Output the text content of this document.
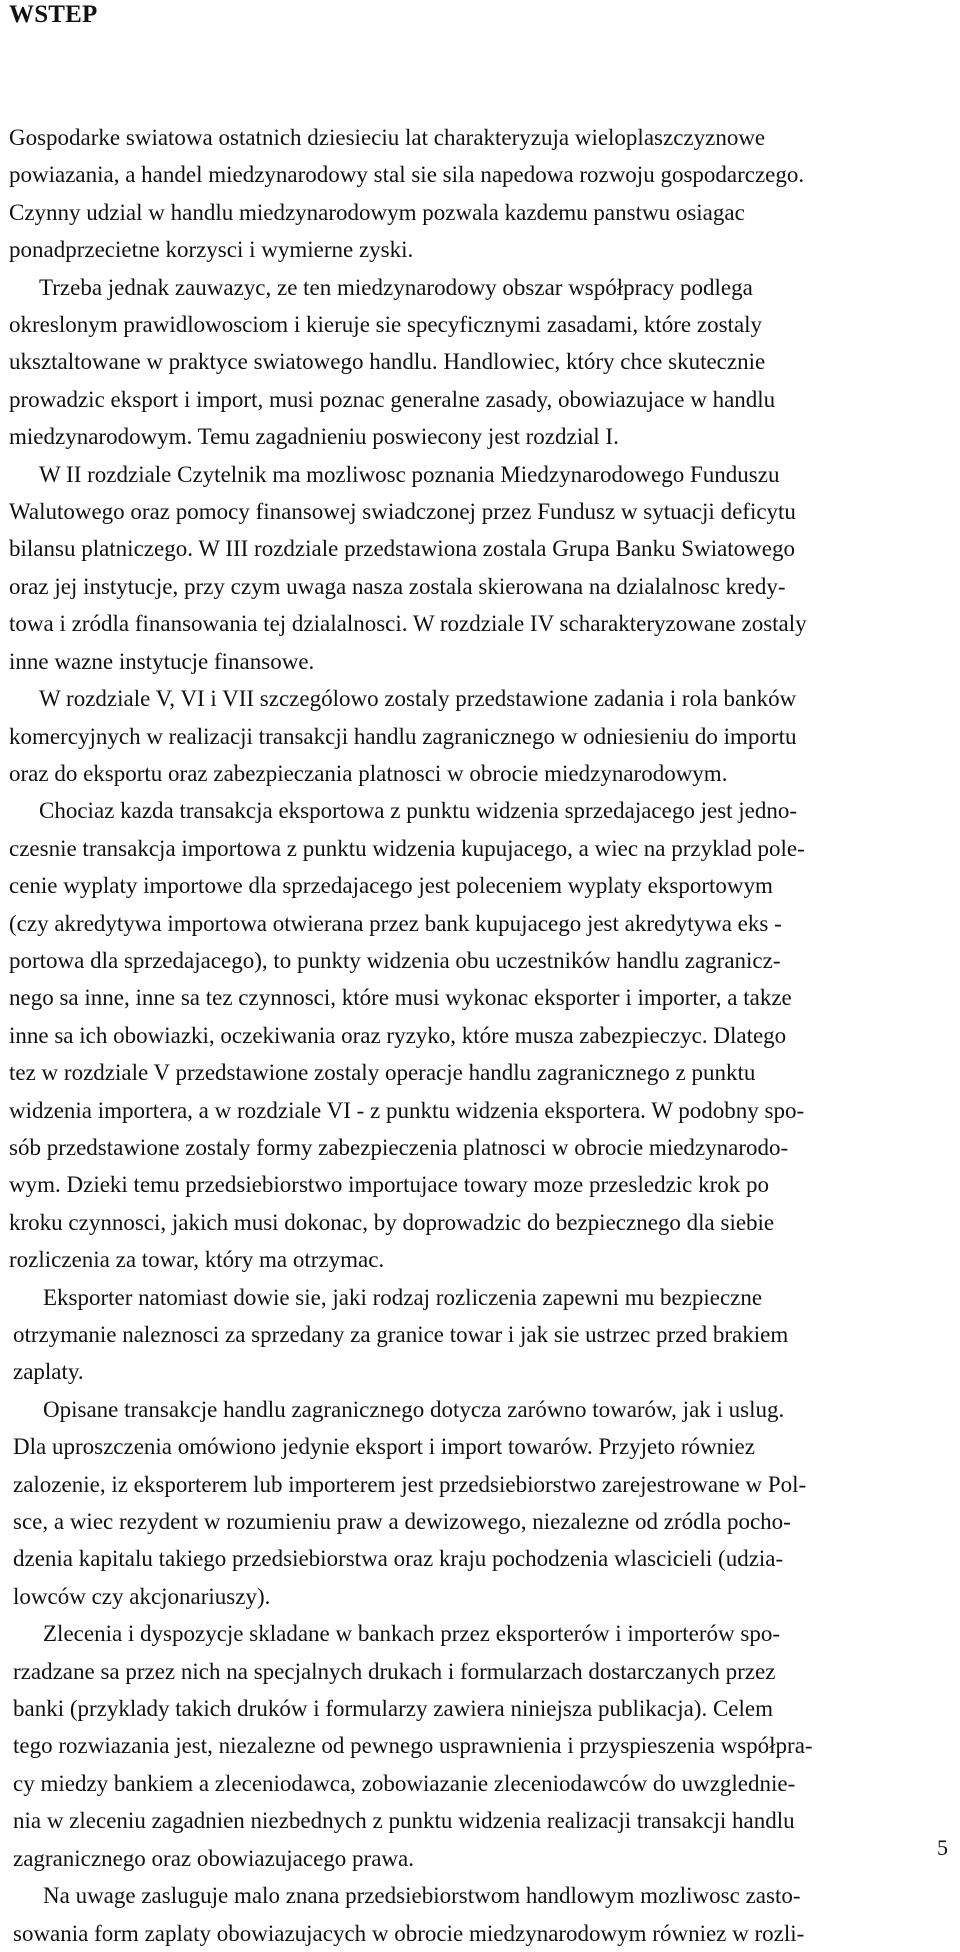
WSTEP

Gospodarke swiatowa ostatnich dziesieciu lat charakteryzuja wieloplaszczyznowe
powiazania, a handel miedzynarodowy stal sie sila napedowa rozwoju gospodarczego.
Czynny udzial w handlu miedzynarodowym pozwala kazdemu panstwu osiagac
ponadprzecietne korzysci i wymierne zyski.

Trzeba jednak zauwazyc, ze ten miedzynarodowy obszar współpracy podlega
okreslonym prawidlowosciom i kieruje sie specyficznymi zasadami, które zostaly
uksztaltowane w praktyce swiatowego handlu. Handlowiec, który chce skutecznie
prowadzic eksport i import, musi poznac generalne zasady, obowiazujace w handlu
miedzynarodowym. Temu zagadnieniu poswiecony jest rozdzial I.

W II rozdziale Czytelnik ma mozliwosc poznania Miedzynarodowego Funduszu
Walutowego oraz pomocy finansowej swiadczonej przez Fundusz w sytuacji deficytu
bilansu platniczego. W III rozdziale przedstawiona zostala Grupa Banku Swiatowego
oraz jej instytucje, przy czym uwaga nasza zostala skierowana na dzialalnosc kredy-
towa i zródla finansowania tej dzialalnosci. W rozdziale IV scharakteryzowane zostaly
inne wazne instytucje finansowe.

W rozdziale V, VI i VII szczególowo zostaly przedstawione zadania i rola banków
komercyjnych w realizacji transakcji handlu zagranicznego w odniesieniu do importu
oraz do eksportu oraz zabezpieczania platnosci w obrocie miedzynarodowym.

Chociaz kazda transakcja eksportowa z punktu widzenia sprzedajacego jest jedno-
czesnie transakcja importowa z punktu widzenia kupujacego, a wiec na przyklad pole-
cenie wyplaty importowe dla sprzedajacego jest poleceniem wyplaty eksportowym
(czy akredytywa importowa otwierana przez bank kupujacego jest akredytywa eks -
portowa dla sprzedajacego), to punkty widzenia obu uczestników handlu zagranicz-
nego sa inne, inne sa tez czynnosci, które musi wykonac eksporter i importer, a takze
inne sa ich obowiazki, oczekiwania oraz ryzyko, które musza zabezpieczyc. Dlatego
tez w rozdziale V przedstawione zostaly operacje handlu zagranicznego z punktu
widzenia importera, a w rozdziale VI - z punktu widzenia eksportera. W podobny spo-
sób przedstawione zostaly formy zabezpieczenia platnosci w obrocie miedzynarodo-
wym. Dzieki temu przedsiebiorstwo importujace towary moze przesledzic krok po
kroku czynnosci, jakich musi dokonac, by doprowadzic do bezpiecznego dla siebie
rozliczenia za towar, który ma otrzymac.

Eksporter natomiast dowie sie, jaki rodzaj rozliczenia zapewni mu bezpieczne
otrzymanie naleznosci za sprzedany za granice towar i jak sie ustrzec przed brakiem
zaplaty.

Opisane transakcje handlu zagranicznego dotycza zarówno towarów, jak i uslug.
Dla uproszczenia omówiono jedynie eksport i import towarów. Przyjeto równiez
zalozenie, iz eksporterem lub importerem jest przedsiebiorstwo zarejestrowane w Pol-
sce, a wiec rezydent w rozumieniu praw a dewizowego, niezalezne od zródla pocho-
dzenia kapitalu takiego przedsiebiorstwa oraz kraju pochodzenia wlascicieli (udzia-
lowców czy akcjonariuszy).

Zlecenia i dyspozycje skladane w bankach przez eksporterów i importerów spo-
rzadzane sa przez nich na specjalnych drukach i formularzach dostarczanych przez
banki (przyklady takich druków i formularzy zawiera niniejsza publikacja). Celem
tego rozwiazania jest, niezalezne od pewnego usprawnienia i przyspieszenia współpra-
cy miedzy bankiem a zleceniodawca, zobowiazanie zleceniodawców do uwzglednie-
nia w zleceniu zagadnien niezbednych z punktu widzenia realizacji transakcji handlu
zagranicznego oraz obowiazujacego prawa.

Na uwage zasluguje malo znana przedsiebiorstwom handlowym mozliwosc zasto-
sowania form zaplaty obowiazujacych w obrocie miedzynarodowym równiez w rozli-

5
